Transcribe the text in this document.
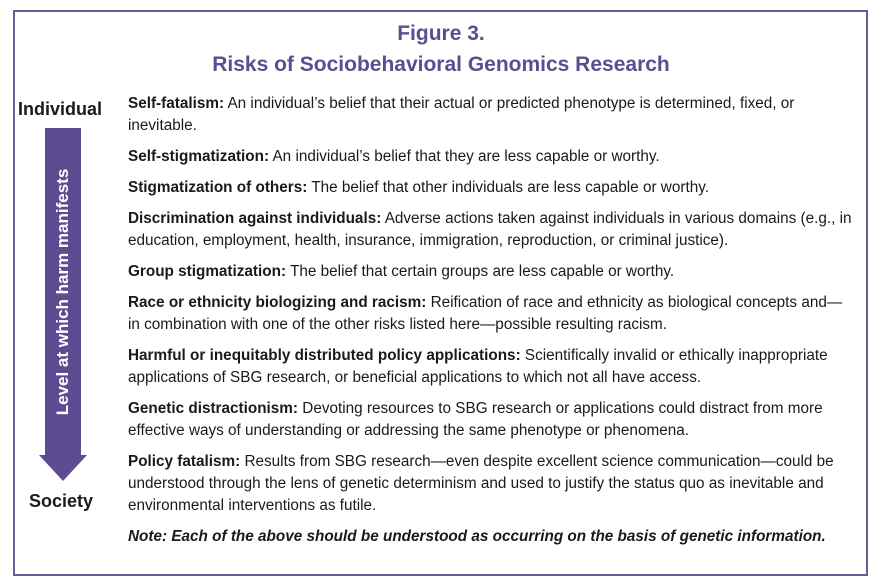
Figure 3.
Risks of Sociobehavioral Genomics Research
Individual
Level at which harm manifests
Society
Self-fatalism: An individual’s belief that their actual or predicted phenotype is determined, fixed, or inevitable.
Self-stigmatization: An individual’s belief that they are less capable or worthy.
Stigmatization of others: The belief that other individuals are less capable or worthy.
Discrimination against individuals: Adverse actions taken against individuals in various domains (e.g., in education, employment, health, insurance, immigration, reproduction, or criminal justice).
Group stigmatization: The belief that certain groups are less capable or worthy.
Race or ethnicity biologizing and racism: Reification of race and ethnicity as biological concepts and—in combination with one of the other risks listed here—possible resulting racism.
Harmful or inequitably distributed policy applications: Scientifically invalid or ethically inappropriate applications of SBG research, or beneficial applications to which not all have access.
Genetic distractionism: Devoting resources to SBG research or applications could distract from more effective ways of understanding or addressing the same phenotype or phenomena.
Policy fatalism: Results from SBG research—even despite excellent science communication—could be understood through the lens of genetic determinism and used to justify the status quo as inevitable and environmental interventions as futile.
Note: Each of the above should be understood as occurring on the basis of genetic information.
